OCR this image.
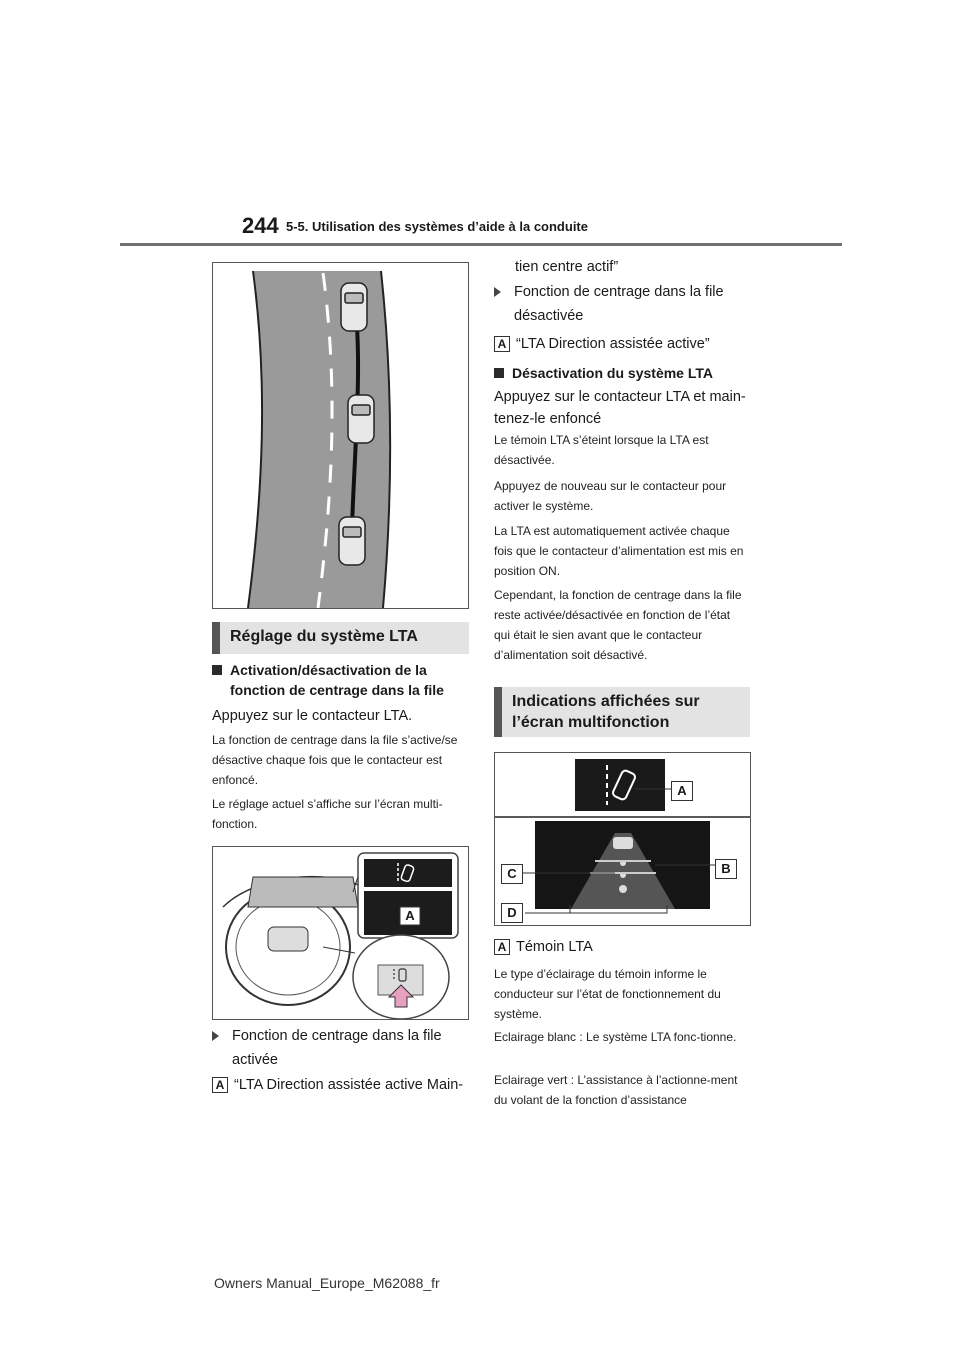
244 5-5. Utilisation des systèmes d’aide à la conduite
Réglage du système LTA
Activation/désactivation de la fonction de centrage dans la file
Appuyez sur le contacteur LTA.
La fonction de centrage dans la file s’active/se désactive chaque fois que le contacteur est enfoncé.
Le réglage actuel s’affiche sur l’écran multi-fonction.
A
Fonction de centrage dans la file activée
A “LTA Direction assistée active Main-
tien centre actif”
Fonction de centrage dans la file désactivée
A “LTA Direction assistée active”
Désactivation du système LTA
Appuyez sur le contacteur LTA et main-tenez-le enfoncé
Le témoin LTA s’éteint lorsque la LTA est désactivée.
Appuyez de nouveau sur le contacteur pour activer le système.
La LTA est automatiquement activée chaque fois que le contacteur d’alimentation est mis en position ON.
Cependant, la fonction de centrage dans la file reste activée/désactivée en fonction de l’état qui était le sien avant que le contacteur d’alimentation soit désactivé.
Indications affichées sur l’écran multifonction
A
B
C
D
A Témoin LTA
Le type d’éclairage du témoin informe le conducteur sur l’état de fonctionnement du système.
Eclairage blanc : Le système LTA fonc-tionne.
Eclairage vert : L’assistance à l’actionne-ment du volant de la fonction d’assistance
Owners Manual_Europe_M62088_fr
